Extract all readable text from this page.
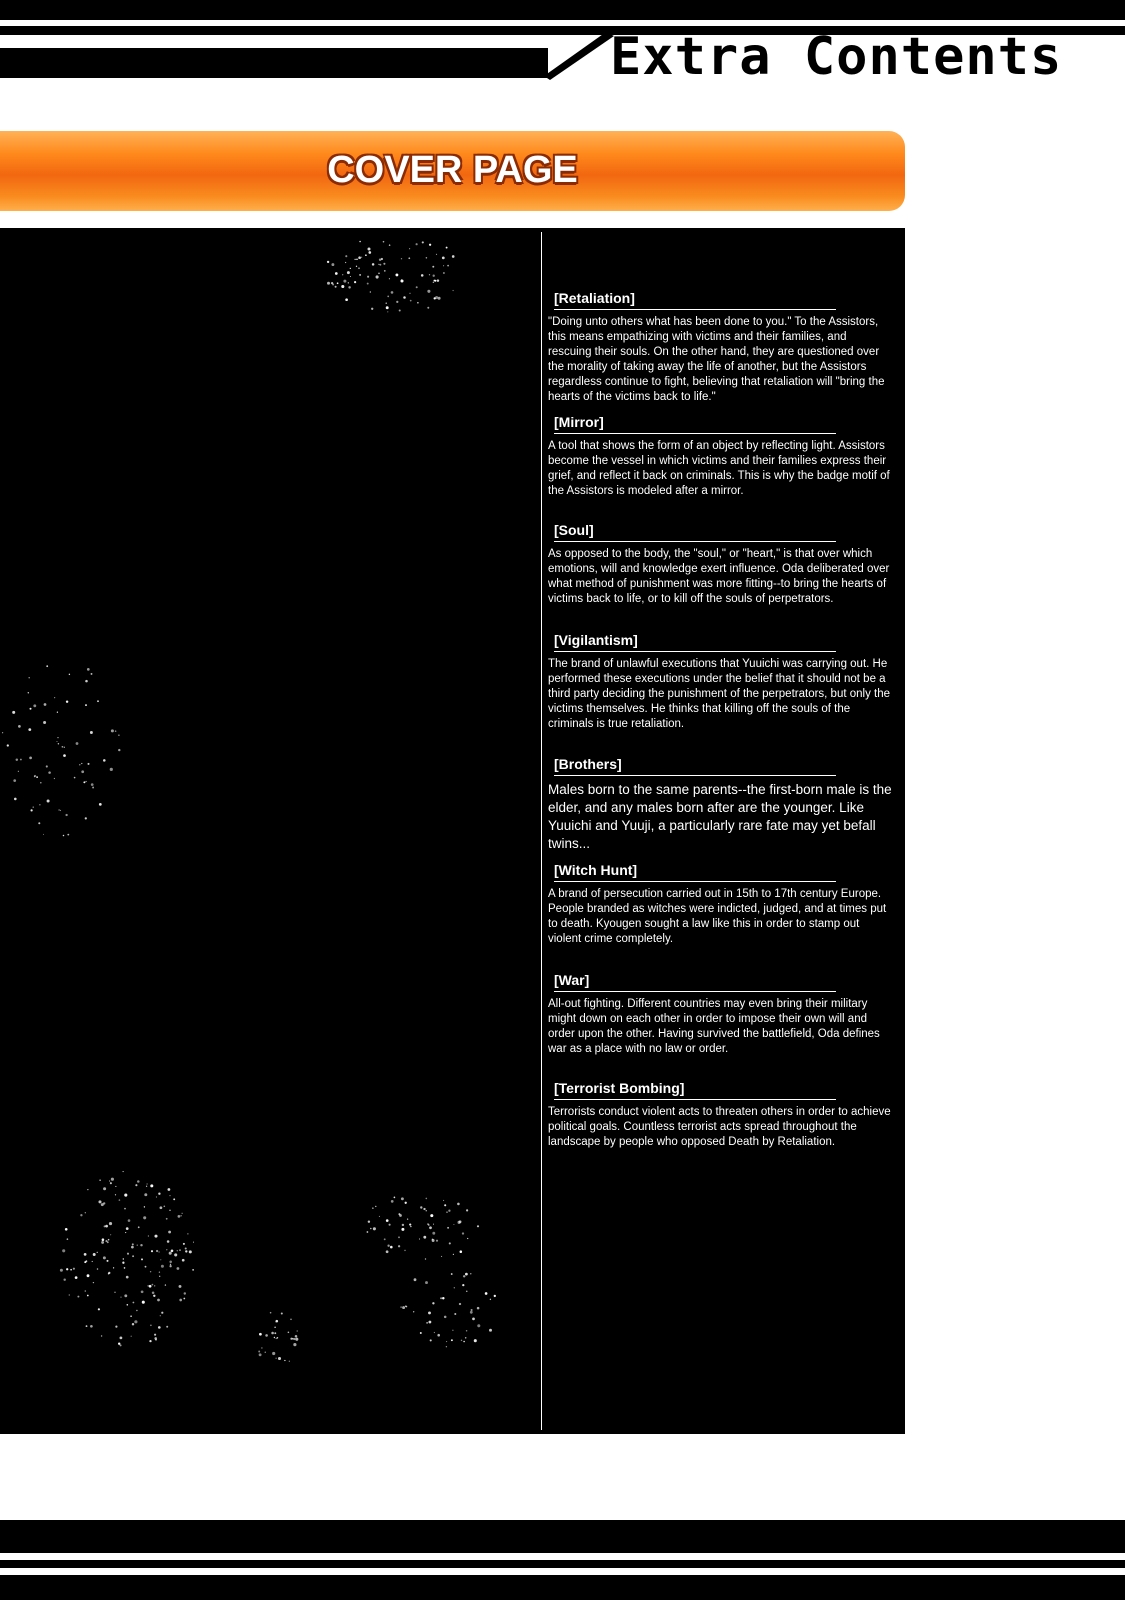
Extra Contents
COVER PAGE
[Retaliation]
"Doing unto others what has been done to you." To the Assistors, this means empathizing with victims and their families, and rescuing their souls. On the other hand, they are questioned over the morality of taking away the life of another, but the Assistors regardless continue to fight, believing that retaliation will "bring the hearts of the victims back to life."
[Mirror]
A tool that shows the form of an object by reflecting light. Assistors become the vessel in which victims and their families express their grief, and reflect it back on criminals. This is why the badge motif of the Assistors is modeled after a mirror.
[Soul]
As opposed to the body, the "soul," or "heart," is that over which emotions, will and knowledge exert influence. Oda deliberated over what method of punishment was more fitting--to bring the hearts of victims back to life, or to kill off the souls of perpetrators.
[Vigilantism]
The brand of unlawful executions that Yuuichi was carrying out. He performed these executions under the belief that it should not be a third party deciding the punishment of the perpetrators, but only the victims themselves. He thinks that killing off the souls of the criminals is true retaliation.
[Brothers]
Males born to the same parents--the first-born male is the elder, and any males born after are the younger. Like Yuuichi and Yuuji, a particularly rare fate may yet befall twins...
[Witch Hunt]
A brand of persecution carried out in 15th to 17th century Europe. People branded as witches were indicted, judged, and at times put to death. Kyougen sought a law like this in order to stamp out violent crime completely.
[War]
All-out fighting. Different countries may even bring their military might down on each other in order to impose their own will and order upon the other. Having survived the battlefield, Oda defines war as a place with no law or order.
[Terrorist Bombing]
Terrorists conduct violent acts to threaten others in order to achieve political goals. Countless terrorist acts spread throughout the landscape by people who opposed Death by Retaliation.
